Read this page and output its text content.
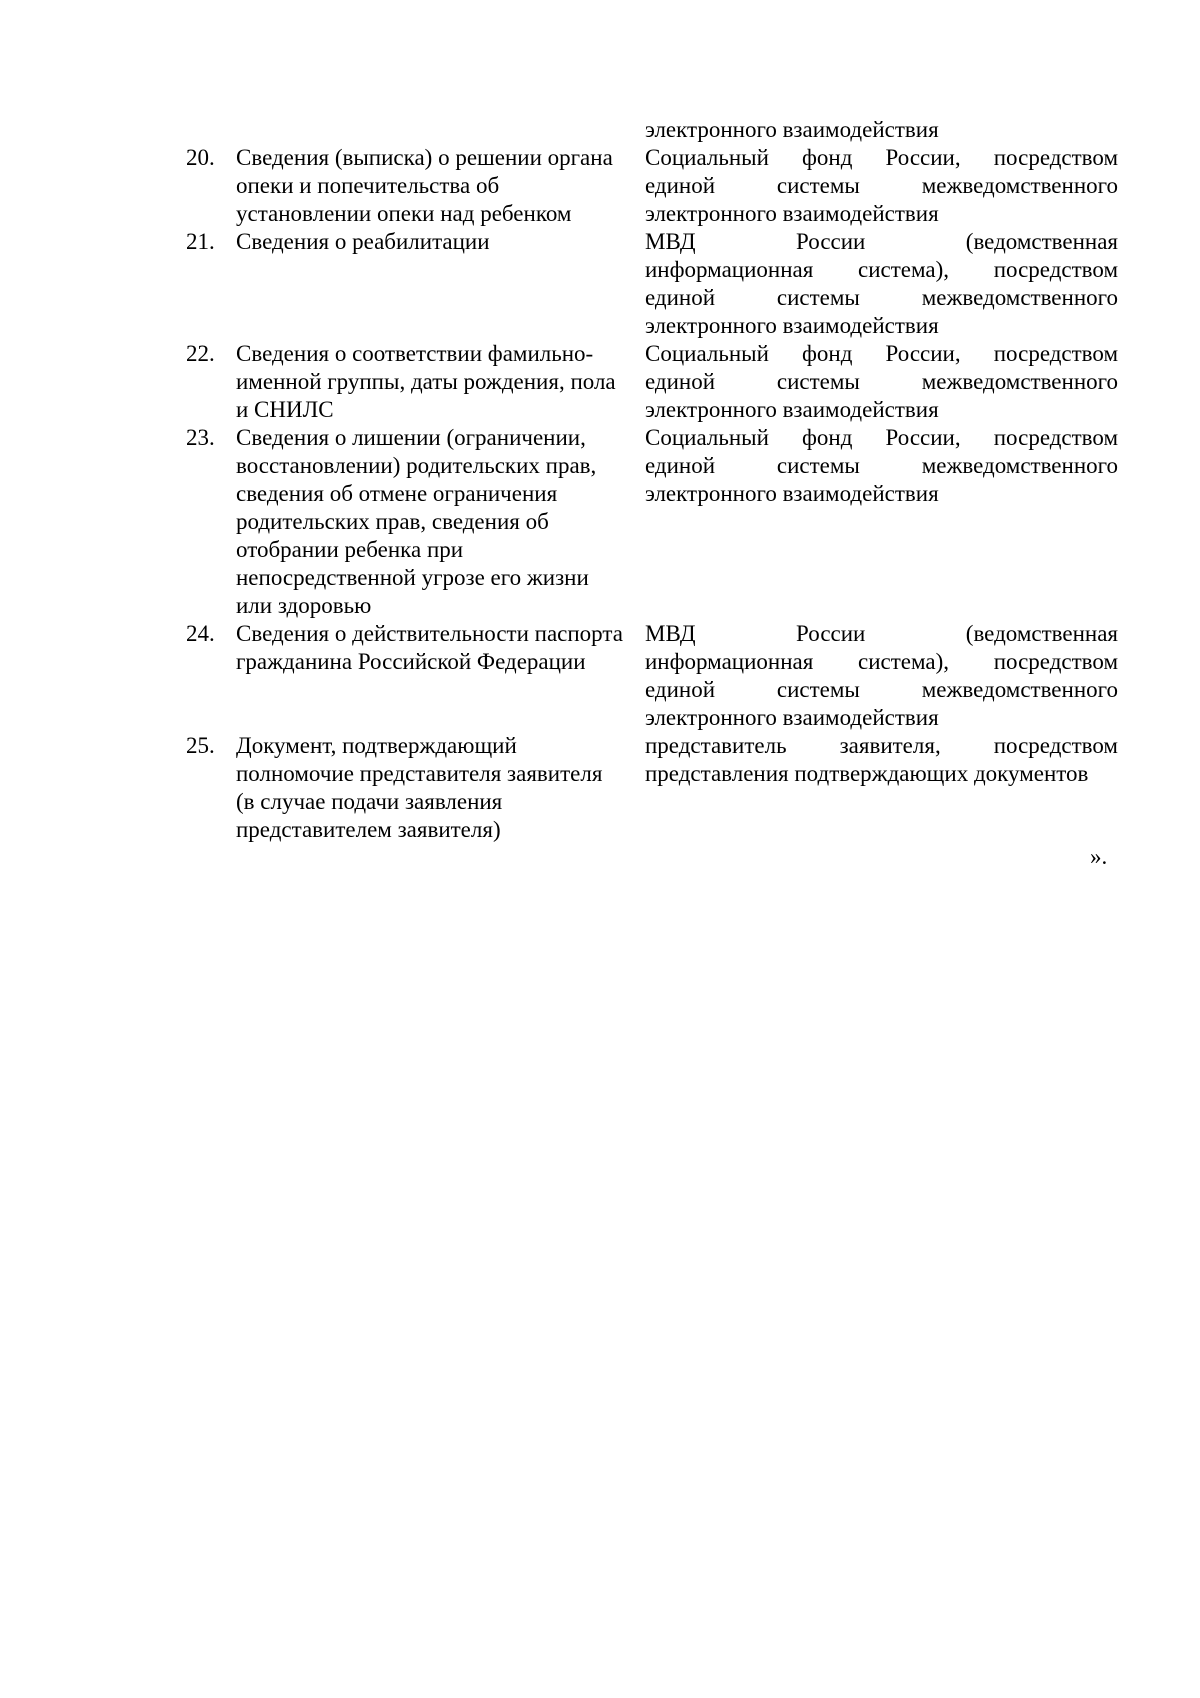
электронного взаимодействия
20. Сведения (выписка) о решении органа
опеки и попечительства об
установлении опеки над ребенком
Социальный фонд России, посредством
единой системы межведомственного
электронного взаимодействия
21. Сведения о реабилитации	МВД России (ведомственная
информационная система), посредством
единой системы межведомственного
электронного взаимодействия
22. Сведения о соответствии фамильно-
именной группы, даты рождения, пола
и СНИЛС
Социальный фонд России, посредством
единой системы межведомственного
электронного взаимодействия
23. Сведения о лишении (ограничении,
восстановлении) родительских прав,
сведения об отмене ограничения
родительских прав, сведения об
отобрании ребенка при
непосредственной угрозе его жизни
или здоровью
Социальный фонд России, посредством
единой системы межведомственного
электронного взаимодействия
24. Сведения о действительности паспорта
гражданина Российской Федерации
МВД России (ведомственная
информационная система), посредством
единой системы межведомственного
электронного взаимодействия
25. Документ, подтверждающий
полномочие представителя заявителя
(в случае подачи заявления
представителем заявителя)
представитель заявителя, посредством
представления подтверждающих документов
».
